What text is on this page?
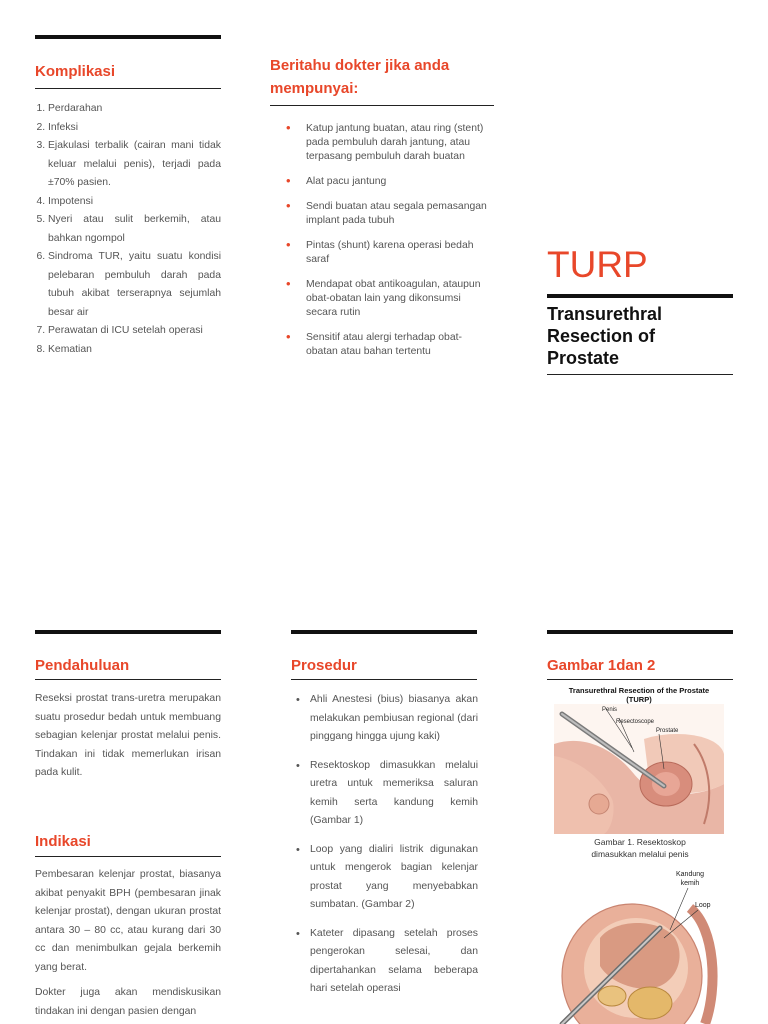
Komplikasi
1. Perdarahan
2. Infeksi
3. Ejakulasi terbalik (cairan mani tidak keluar melalui penis), terjadi pada ±70% pasien.
4. Impotensi
5. Nyeri atau sulit berkemih, atau bahkan ngompol
6. Sindroma TUR, yaitu suatu kondisi pelebaran pembuluh darah pada tubuh akibat terserapnya sejumlah besar air
7. Perawatan di ICU setelah operasi
8. Kematian
Beritahu dokter jika anda mempunyai:
• Katup jantung buatan, atau ring (stent) pada pembuluh darah jantung, atau terpasang pembuluh darah buatan
• Alat pacu jantung
• Sendi buatan atau segala pemasangan implant pada tubuh
• Pintas (shunt) karena operasi bedah saraf
• Mendapat obat antikoagulan, ataupun obat-obatan lain yang dikonsumsi secara rutin
• Sensitif atau alergi terhadap obat-obatan atau bahan tertentu
TURP
Transurethral Resection of Prostate
Pendahuluan
Reseksi prostat trans-uretra merupakan suatu prosedur bedah untuk membuang sebagian kelenjar prostat melalui penis. Tindakan ini tidak memerlukan irisan pada kulit.
Indikasi
Pembesaran kelenjar prostat, biasanya akibat penyakit BPH (pembesaran jinak kelenjar prostat), dengan ukuran prostat antara 30 – 80 cc, atau kurang dari 30 cc dan menimbulkan gejala berkemih yang berat.
Dokter juga akan mendiskusikan tindakan ini dengan pasien dengan
Prosedur
• Ahli Anestesi (bius) biasanya akan melakukan pembiusan regional (dari pinggang hingga ujung kaki)
• Resektoskop dimasukkan melalui uretra untuk memeriksa saluran kemih serta kandung kemih (Gambar 1)
• Loop yang dialiri listrik digunakan untuk mengerok bagian kelenjar prostat yang menyebabkan sumbatan. (Gambar 2)
• Kateter dipasang setelah proses pengerokan selesai, dan dipertahankan selama beberapa hari setelah operasi
Gambar 1dan 2
Transurethral Resection of the Prostate (TURP)
Penis
Resectoscope
Prostate
Gambar 1. Resektoskop dimasukkan melalui penis
Kandung kemih
Loop
